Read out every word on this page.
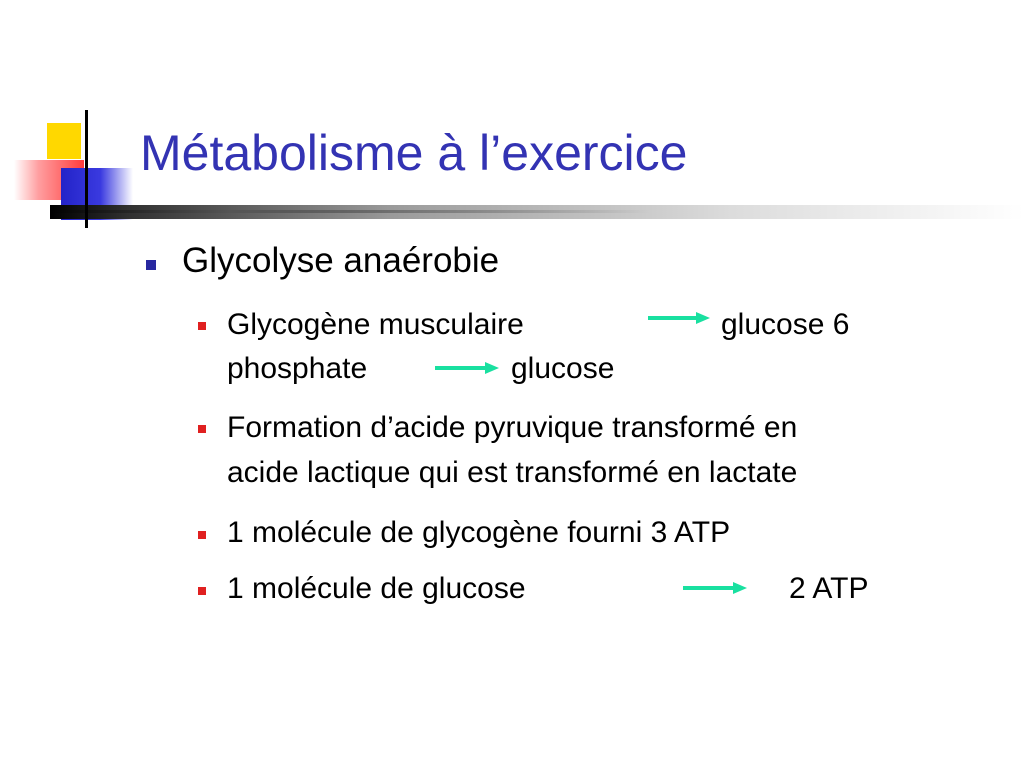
Métabolisme à l’exercice
Glycolyse anaérobie
Glycogène musculaire	glucose 6
phosphate	glucose
Formation d’acide pyruvique transformé en
acide lactique qui est transformé en lactate
1 molécule de glycogène fourni 3 ATP
1 molécule de glucose	2 ATP
